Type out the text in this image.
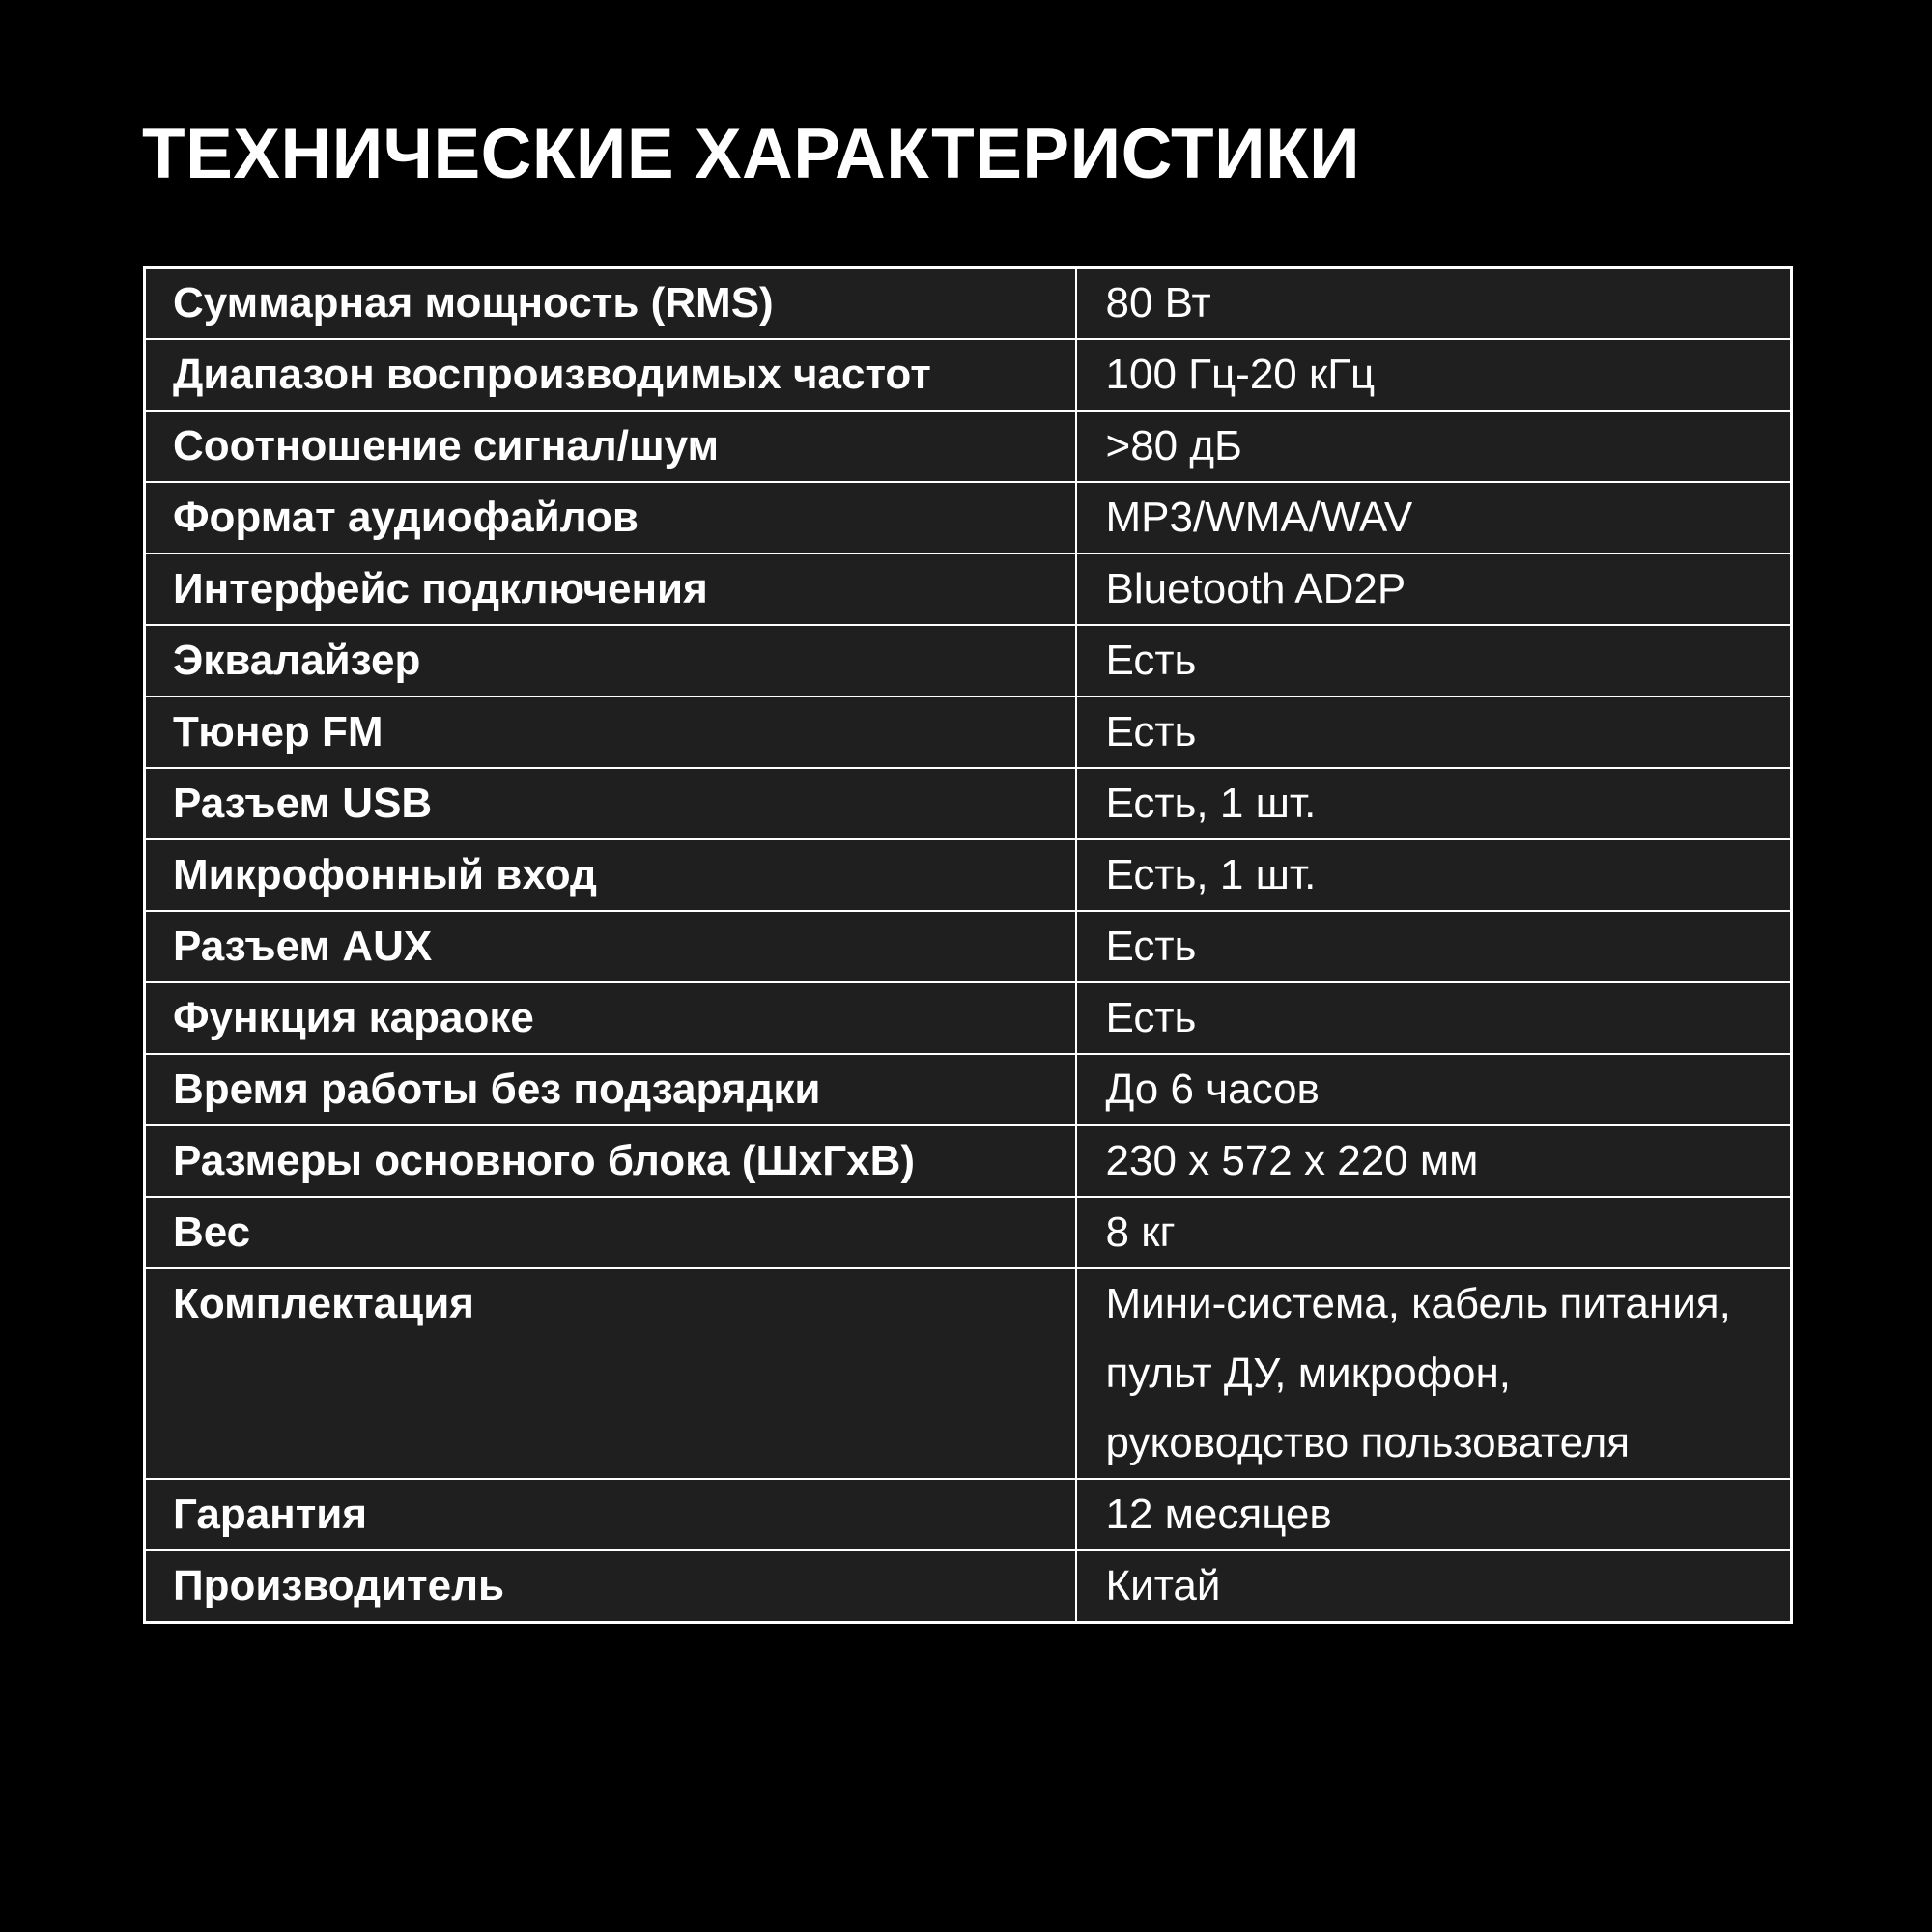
ТЕХНИЧЕСКИЕ ХАРАКТЕРИСТИКИ
Суммарная мощность (RMS)	80 Вт

Диапазон воспроизводимых частот	100 Гц-20 кГц

Соотношение сигнал/шум	>80 дБ

Формат аудиофайлов	MP3/WMA/WAV

Интерфейс подключения	Bluetooth AD2P

Эквалайзер	Есть

Тюнер FM	Есть

Разъем USB	Есть, 1 шт.

Микрофонный вход	Есть, 1 шт.

Разъем AUX	Есть

Функция караоке	Есть

Время работы без подзарядки	До 6 часов

Размеры основного блока (ШхГхВ)	230 х 572 х 220 мм

Вес	8 кг

Комплектация	Мини-система, кабель питания,
пульт ДУ, микрофон,
руководство пользователя

Гарантия	12 месяцев

Производитель	Китай
